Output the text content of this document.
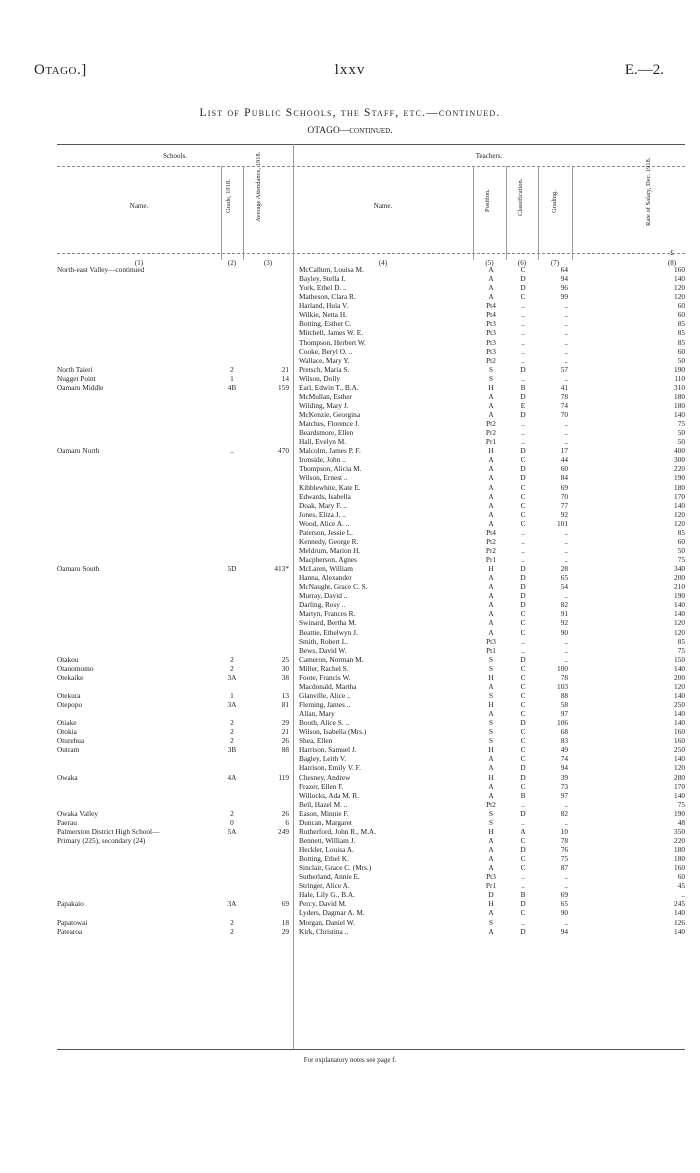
Otago.]	lxxv	E.—2.
List of Public Schools, the Staff, etc.—continued.
OTAGO—continued.
Schools.	Teachers.
Name.	Grade, 1918.	Average Attendance, 1918.	Name.	Position.	Classification.	Grading.	Rate of Salary, Dec. 1918.
(1)	(2)	(3)	(4)	(5)	(6)	(7)	(8)
£
North-east Valley—continued	McCallum, Louisa M.	A	C	64	160
Bayley, Stella I.	A	D	94	140
York, Ethel D. ..	A	D	96	120
Matheson, Clara R.	A	C	99	120
Harland, Huia V.	Pt4	..	..	60
Wilkie, Netta H.	Pt4	..	..	60
Botting, Esther C.	Pt3	..	..	85
Mitchell, James W. E.	Pt3	..	..	85
Thompson, Herbert W.	Pt3	..	..	85
Cooke, Beryl O. ..	Pt3	..	..	60
Wallace, Mary Y.	Pt2	..	..	50
North Taieri	2	21 Pretsch, Maria S.	S	D	57	190
Nugget Point	1	14 Wilson, Dolly	S	..	..	110
Oamaru Middle	4B	159 Earl, Edwin T., B.A.	H	B	41	310
McMullan, Esther	A	D	78	180
Wilding, Mary J.	A	E	74	180
McKenzie, Georgina	A	D	70	140
Matches, Florence J.	Pt2	..	..	75
Beardsmore, Ellen	Pr2	..	..	50
Hall, Evelyn M.	Pr1	..	..	50
Oamaru North	..	470 Malcolm, James P. F.	H	D	17	400
Ironside, John ..	A	C	44	300
Thompson, Alicia M.	A	D	60	220
Wilson, Ernest ..	A	D	84	190
Kibblewhite, Kate E.	A	C	69	180
Edwards, Isabella	A	C	70	170
Doak, Mary F. ..	A	C	77	140
Jones, Eliza J. ..	A	C	92	120
Wood, Alice A. ..	A	C	101	120
Paterson, Jessie L.	Pt4	..	..	85
Kennedy, George R.	Pt2	..	..	60
Meldrum, Marion H.	Pr2	..	..	50
Macpherson, Agnes	Pr1	..	..	75
Oamaru South	5D	413* McLaren, William	H	D	28	340
Hanna, Alexander	A	D	65	200
McNaught, Grace C. S.	A	D	54	210
Murray, David ..	A	D	..	190
Darling, Rosy ..	A	D	82	140
Martyn, Frances R.	A	C	91	140
Swinard, Bertha M.	A	C	92	120
Beattie, Ethelwyn J.	A	C	90	120
Smith, Robert L.	Pt3	..	..	85
Bews, David W.	Pt1	..	..	75
Otakou	2	25 Cameron, Norman M.	S	D	..	150
Otanomomo	2	30 Miller, Rachel S.	S	C	100	140
Otekaike	3A	38 Foote, Francis W.	H	C	78	200
Macdonald, Martha	A	C	103	120
Otekura	1	13 Glanville, Alice ..	S	C	88	140
Otepopo	3A	81 Fleming, James ..	H	C	58	250
Allan, Mary	A	C	97	140
Otiake	2	29 Booth, Alice S. ..	S	D	106	140
Otokia	2	21 Wilson, Isabella (Mrs.)	S	C	68	160
Oturehua	2	26 Shea, Ellen	S	C	83	160
Outram	3B	88 Harrison, Samuel J.	H	C	49	250
Bagley, Leith V.	A	C	74	140
Harrison, Emily V. F.	A	D	94	120
Owaka	4A	119 Chesney, Andrew	H	D	39	280
Frazer, Ellen F.	A	C	73	170
Willocks, Ada M. R.	A	B	97	140
Bell, Hazel M. ..	Pt2	..	..	75
Owaka Valley	2	26 Eason, Minnie F.	S	D	82	190
Paerau	0	6 Duncan, Margaret	S	..	..	48
Palmerston District High School—	5A	249 Rutherford, John R., M.A.	H	A	10	350
Primary (225), secondary (24)	Bennett, William J.	A	C	78	220
Heckler, Louisa A.	A	D	76	180
Botting, Ethel K.	A	C	75	180
Sinclair, Grace C. (Mrs.)	A	C	87	160
Sutherland, Annie E.	Pt3	..	..	60
Stringer, Alice A.	Pr1	..	..	45
Hale, Lily G., B.A.	D	B	69	..
Papakaio	3A	69 Percy, David M.	H	D	65	245
Lyders, Dagmar A. M.	A	C	90	140
Papatowai	2	18 Morgan, Daniel W.	S	..	..	126
Patearoa	2	29 Kirk, Christina ..	A	D	94	140
For explanatory notes see page f.
